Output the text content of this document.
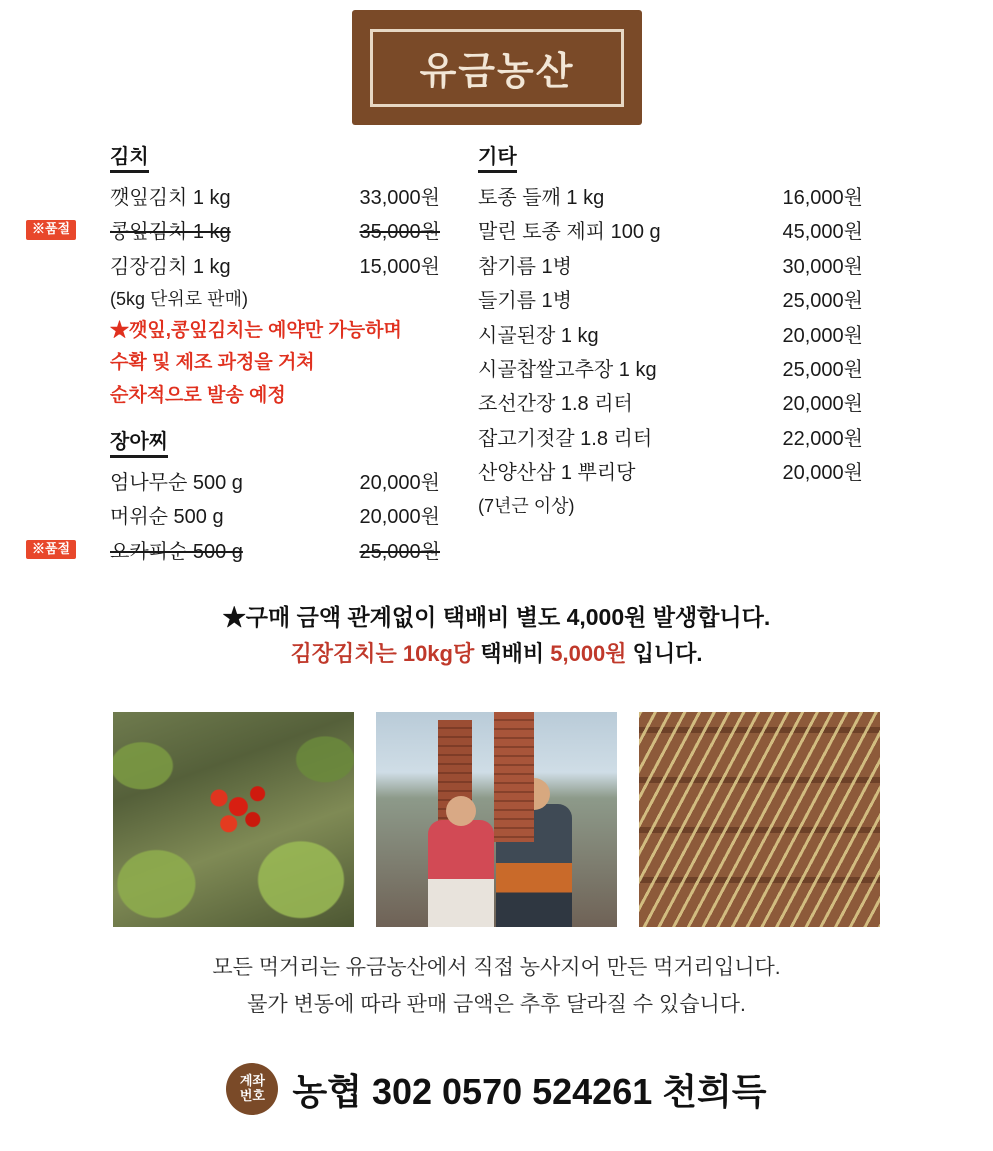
유금농산
김치
깻잎김치 1 kg	33,000원
※품절	콩잎김치 1 kg	35,000원
김장김치 1 kg	15,000원
(5kg 단위로 판매)
★깻잎,콩잎김치는 예약만 가능하며
수확 및 제조 과정을 거쳐
순차적으로 발송 예정
장아찌
엄나무순 500 g	20,000원
머위순 500 g	20,000원
※품절	오카피순 500 g	25,000원
기타
토종 들깨 1 kg	16,000원
말린 토종 제피 100 g	45,000원
참기름 1병	30,000원
들기름 1병	25,000원
시골된장 1 kg	20,000원
시골찹쌀고추장 1 kg	25,000원
조선간장 1.8 리터	20,000원
잡고기젓갈 1.8 리터	22,000원
산양산삼 1 뿌리당	20,000원
(7년근 이상)
★구매 금액 관계없이 택배비 별도 4,000원 발생합니다.
김장김치는 10kg당 택배비 5,000원 입니다.
모든 먹거리는 유금농산에서 직접 농사지어 만든 먹거리입니다.
물가 변동에 따라 판매 금액은 추후 달라질 수 있습니다.
계좌
번호 농협 302 0570 524261 천희득
